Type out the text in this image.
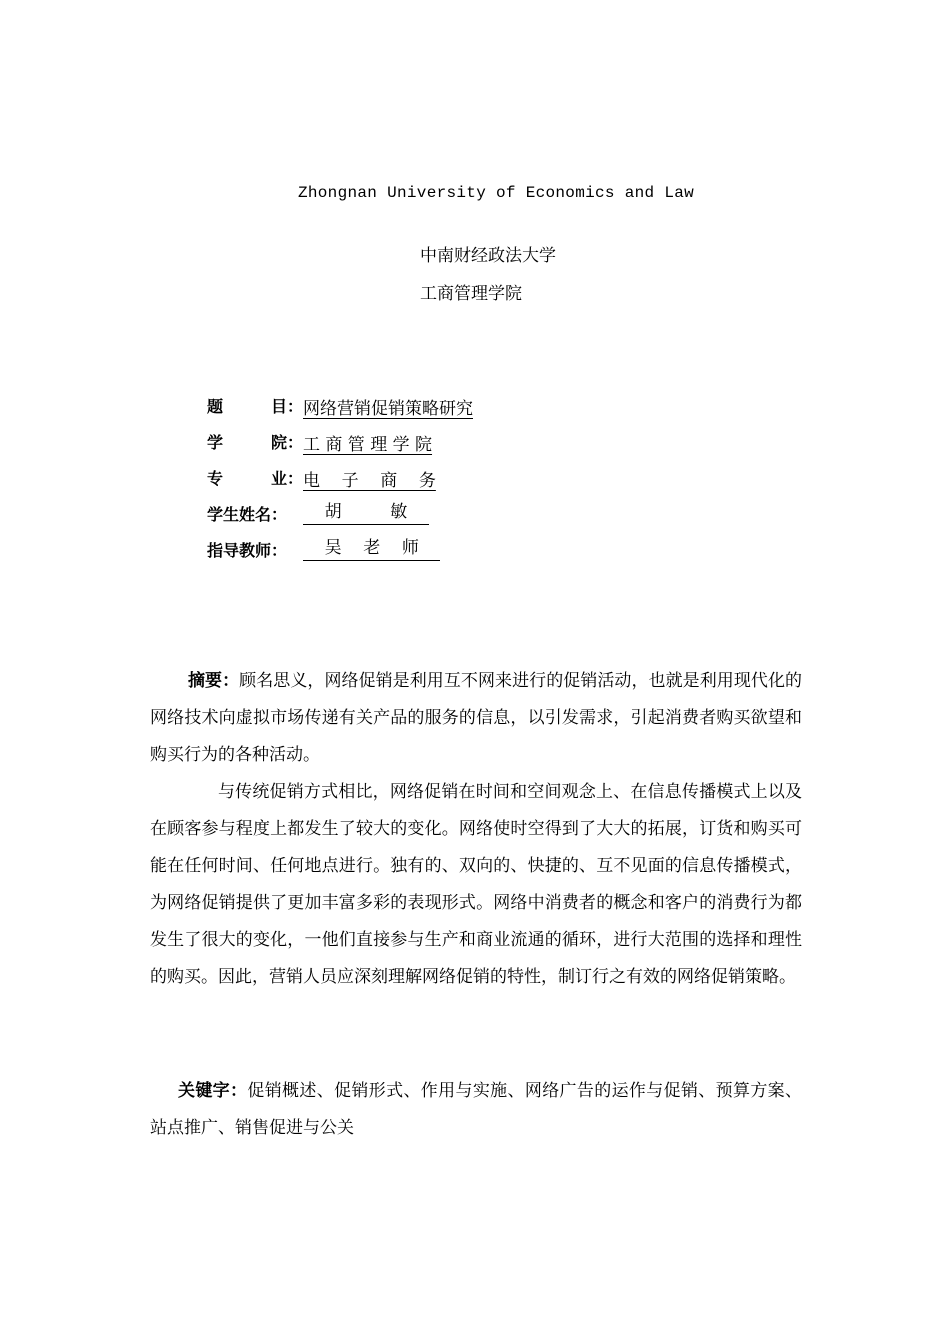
Zhongnan University of Economics and Law
中南财经政法大学
工商管理学院
题	目： 网络营销促销策略研究
学	院： 工 商 管 理 学 院
专	业： 电    子    商    务
学生姓名： 胡         敏
指导教师： 吴    老    师

摘要：顾名思义，网络促销是利用互不网来进行的促销活动，也就是利用现代化的网络技术向虚拟市场传递有关产品的服务的信息，以引发需求，引起消费者购买欲望和购买行为的各种活动。

与传统促销方式相比，网络促销在时间和空间观念上、在信息传播模式上以及在顾客参与程度上都发生了较大的变化。网络使时空得到了大大的拓展，订货和购买可能在任何时间、任何地点进行。独有的、双向的、快捷的、互不见面的信息传播模式，为网络促销提供了更加丰富多彩的表现形式。网络中消费者的概念和客户的消费行为都发生了很大的变化，一他们直接参与生产和商业流通的循环，进行大范围的选择和理性的购买。因此，营销人员应深刻理解网络促销的特性，制订行之有效的网络促销策略。

关键字：促销概述、促销形式、作用与实施、网络广告的运作与促销、预算方案、站点推广、销售促进与公关
